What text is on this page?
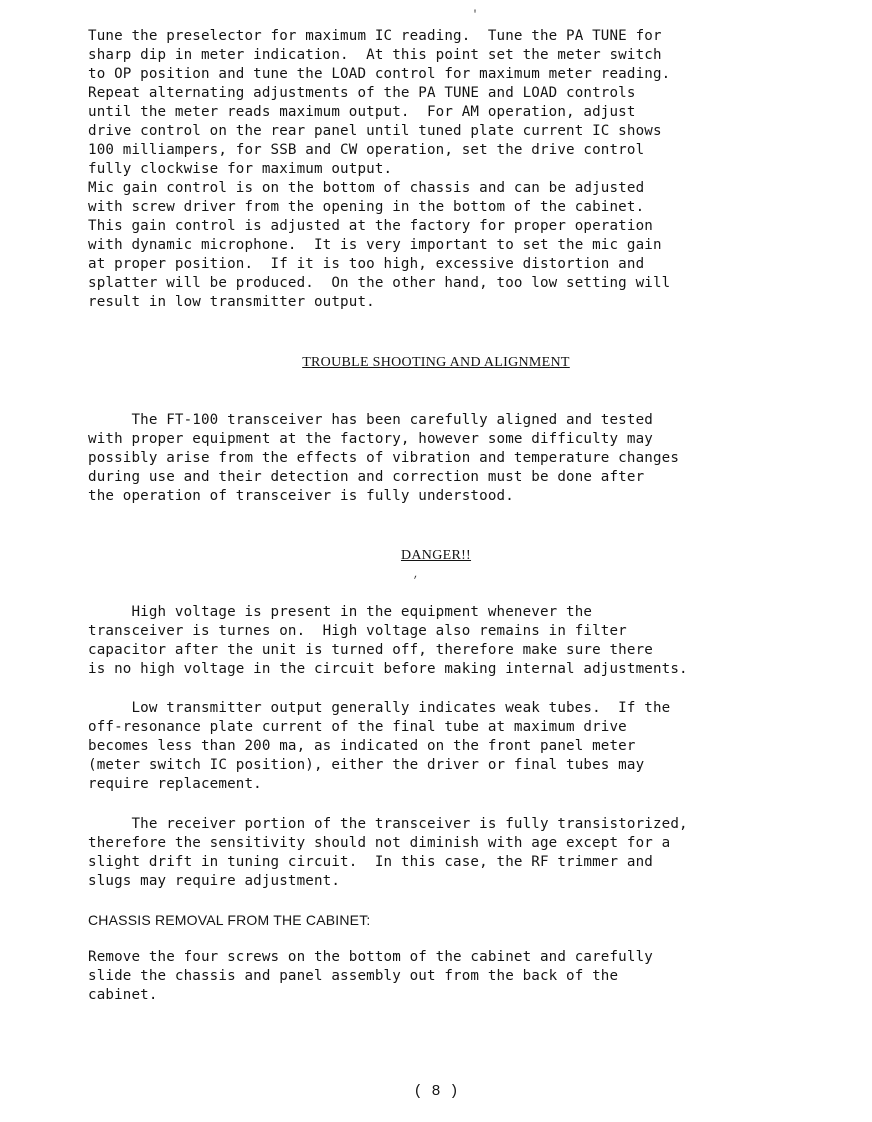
'
Tune the preselector for maximum IC reading.  Tune the PA TUNE for
sharp dip in meter indication.  At this point set the meter switch
to OP position and tune the LOAD control for maximum meter reading.
Repeat alternating adjustments of the PA TUNE and LOAD controls
until the meter reads maximum output.  For AM operation, adjust
drive control on the rear panel until tuned plate current IC shows
100 milliampers, for SSB and CW operation, set the drive control
fully clockwise for maximum output.
Mic gain control is on the bottom of chassis and can be adjusted
with screw driver from the opening in the bottom of the cabinet.
This gain control is adjusted at the factory for proper operation
with dynamic microphone.  It is very important to set the mic gain
at proper position.  If it is too high, excessive distortion and
splatter will be produced.  On the other hand, too low setting will
result in low transmitter output.
TROUBLE SHOOTING AND ALIGNMENT
The FT-100 transceiver has been carefully aligned and tested
with proper equipment at the factory, however some difficulty may
possibly arise from the effects of vibration and temperature changes
during use and their detection and correction must be done after
the operation of transceiver is fully understood.
DANGER!!
,
High voltage is present in the equipment whenever the
transceiver is turnes on.  High voltage also remains in filter
capacitor after the unit is turned off, therefore make sure there
is no high voltage in the circuit before making internal adjustments.
Low transmitter output generally indicates weak tubes.  If the
off-resonance plate current of the final tube at maximum drive
becomes less than 200 ma, as indicated on the front panel meter
(meter switch IC position), either the driver or final tubes may
require replacement.
The receiver portion of the transceiver is fully transistorized,
therefore the sensitivity should not diminish with age except for a
slight drift in tuning circuit.  In this case, the RF trimmer and
slugs may require adjustment.
CHASSIS REMOVAL FROM THE CABINET:
Remove the four screws on the bottom of the cabinet and carefully
slide the chassis and panel assembly out from the back of the
cabinet.
( 8 )
